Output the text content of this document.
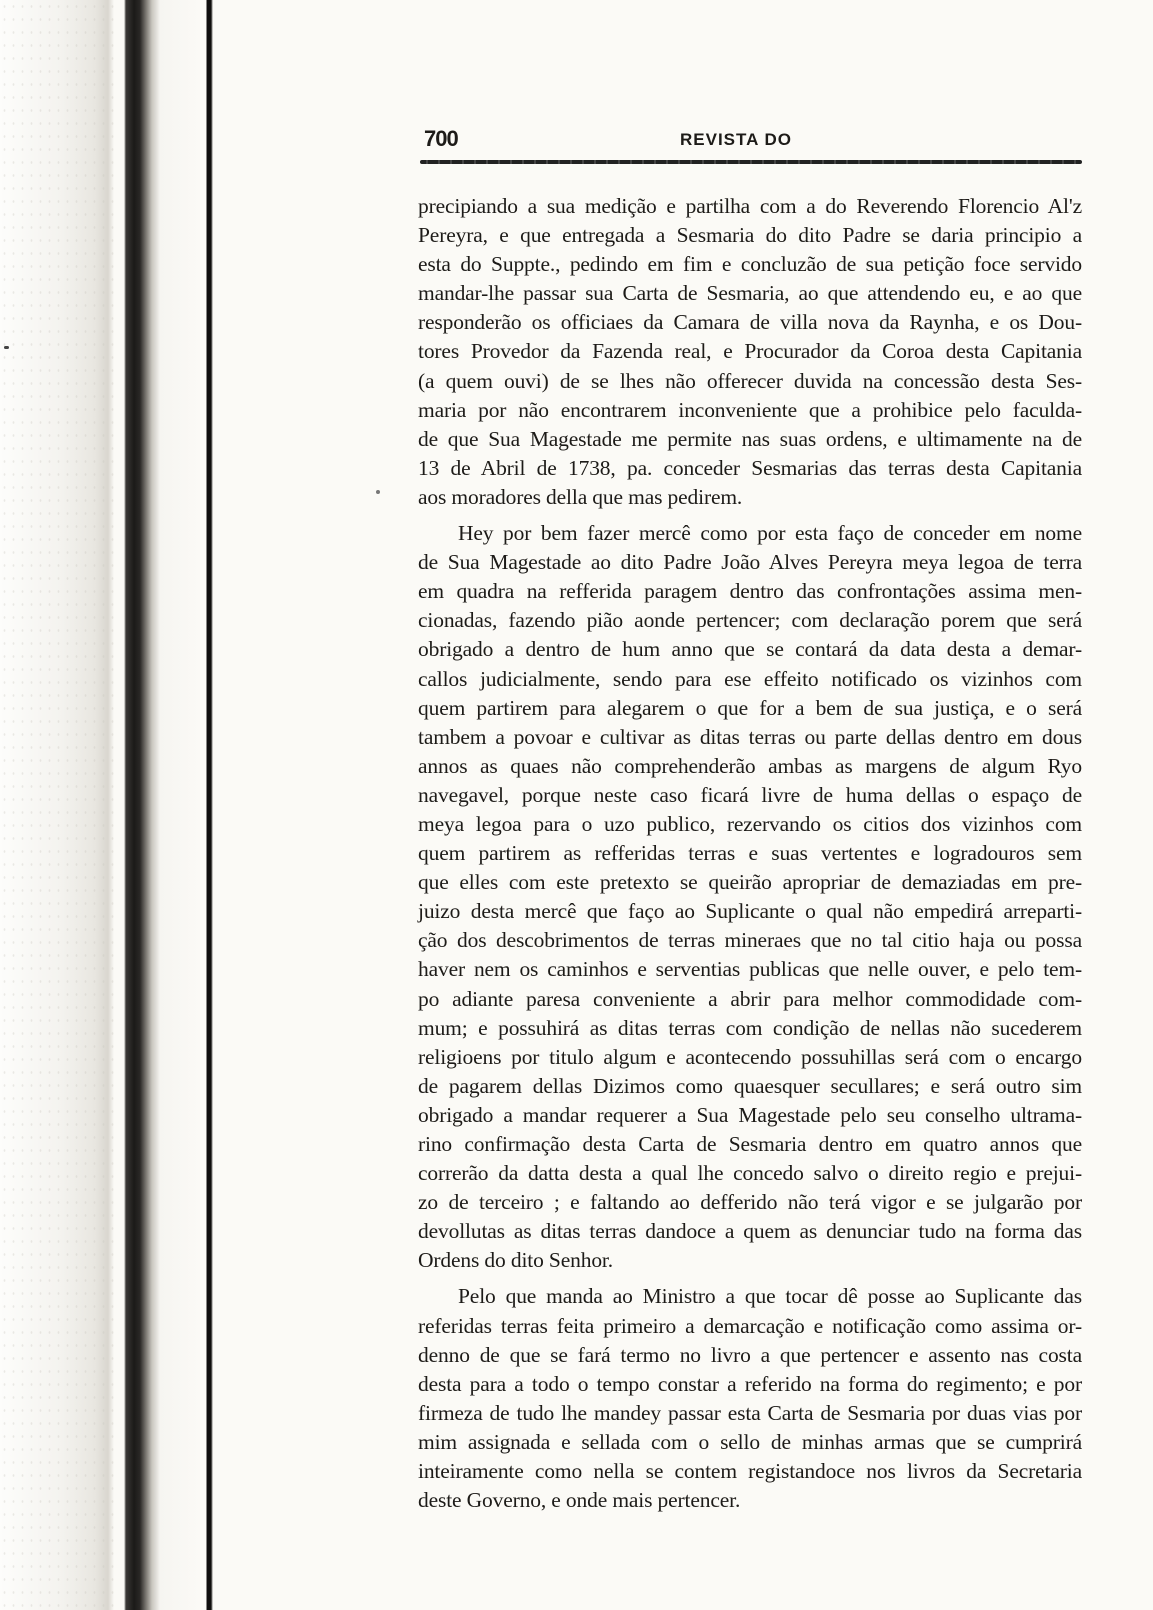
700	REVISTA DO
precipiando a sua medição e partilha com a do Reverendo Florencio Al'z
Pereyra, e que entregada a Sesmaria do dito Padre se daria principio a
esta do Suppte., pedindo em fim e concluzão de sua petição foce servido
mandar-lhe passar sua Carta de Sesmaria, ao que attendendo eu, e ao que
responderão os officiaes da Camara de villa nova da Raynha, e os Dou-
tores Provedor da Fazenda real, e Procurador da Coroa desta Capitania
(a quem ouvi) de se lhes não offerecer duvida na concessão desta Ses-
maria por não encontrarem inconveniente que a prohibice pelo faculda-
de que Sua Magestade me permite nas suas ordens, e ultimamente na de
13 de Abril de 1738, pa. conceder Sesmarias das terras desta Capitania
aos moradores della que mas pedirem.
Hey por bem fazer mercê como por esta faço de conceder em nome
de Sua Magestade ao dito Padre João Alves Pereyra meya legoa de terra
em quadra na refferida paragem dentro das confrontações assima men-
cionadas, fazendo pião aonde pertencer; com declaração porem que será
obrigado a dentro de hum anno que se contará da data desta a demar-
callos judicialmente, sendo para ese effeito notificado os vizinhos com
quem partirem para alegarem o que for a bem de sua justiça, e o será
tambem a povoar e cultivar as ditas terras ou parte dellas dentro em dous
annos as quaes não comprehenderão ambas as margens de algum Ryo
navegavel, porque neste caso ficará livre de huma dellas o espaço de
meya legoa para o uzo publico, rezervando os citios dos vizinhos com
quem partirem as refferidas terras e suas vertentes e logradouros sem
que elles com este pretexto se queirão apropriar de demaziadas em pre-
juizo desta mercê que faço ao Suplicante o qual não empedirá arreparti-
ção dos descobrimentos de terras mineraes que no tal citio haja ou possa
haver nem os caminhos e serventias publicas que nelle ouver, e pelo tem-
po adiante paresa conveniente a abrir para melhor commodidade com-
mum; e possuhirá as ditas terras com condição de nellas não sucederem
religioens por titulo algum e acontecendo possuhillas será com o encargo
de pagarem dellas Dizimos como quaesquer secullares; e será outro sim
obrigado a mandar requerer a Sua Magestade pelo seu conselho ultrama-
rino confirmação desta Carta de Sesmaria dentro em quatro annos que
correrão da datta desta a qual lhe concedo salvo o direito regio e prejui-
zo de terceiro ; e faltando ao defferido não terá vigor e se julgarão por
devollutas as ditas terras dandoce a quem as denunciar tudo na forma das
Ordens do dito Senhor.
Pelo que manda ao Ministro a que tocar dê posse ao Suplicante das
referidas terras feita primeiro a demarcação e notificação como assima or-
denno de que se fará termo no livro a que pertencer e assento nas costa
desta para a todo o tempo constar a referido na forma do regimento; e por
firmeza de tudo lhe mandey passar esta Carta de Sesmaria por duas vias por
mim assignada e sellada com o sello de minhas armas que se cumprirá
inteiramente como nella se contem registandoce nos livros da Secretaria
deste Governo, e onde mais pertencer.
